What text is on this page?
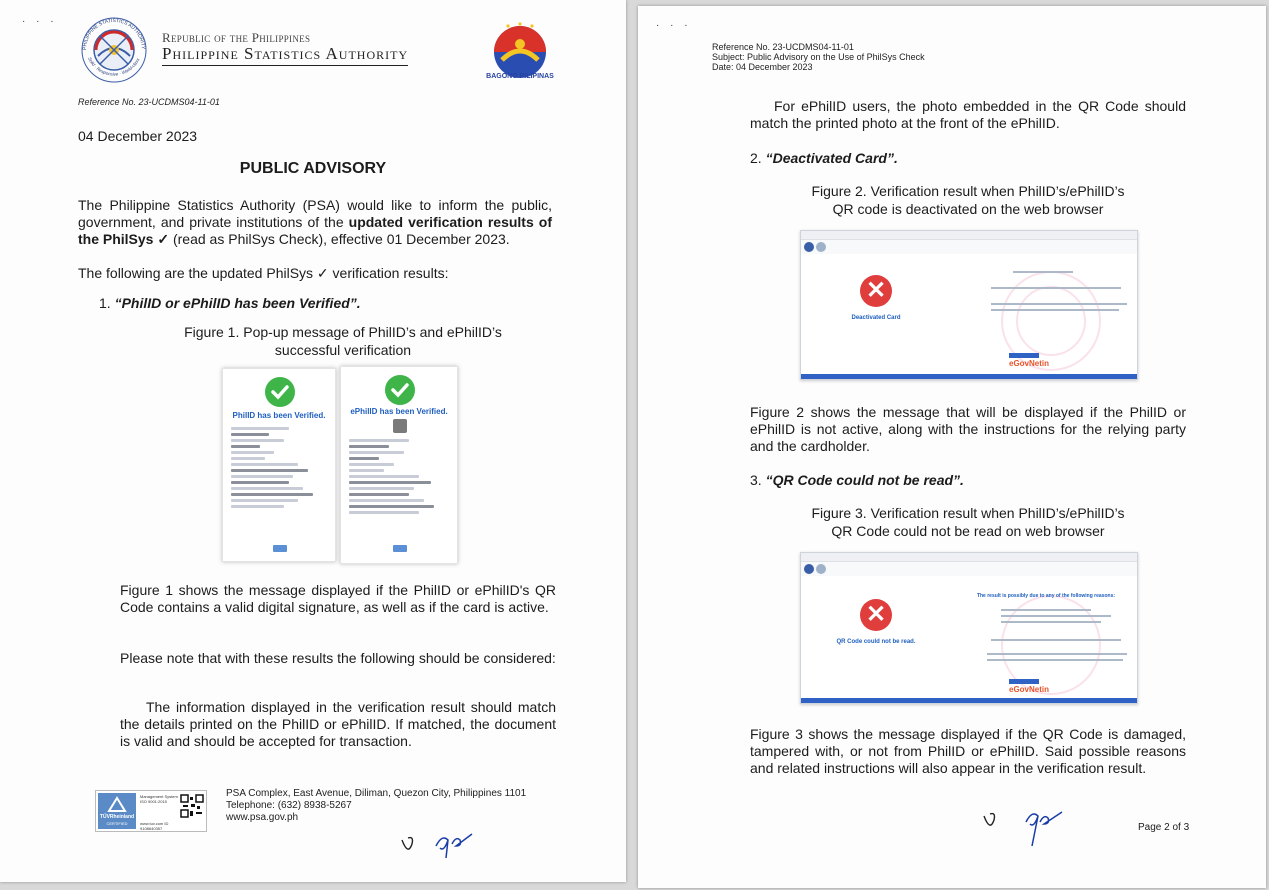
· · ·
PHILIPPINE STATISTICS AUTHORITY
Solid · Responsive · World-class
Republic of the Philippines
Philippine Statistics Authority
BAGONG PILIPINAS
Reference No. 23-UCDMS04-11-01
04 December 2023
PUBLIC ADVISORY
The Philippine Statistics Authority (PSA) would like to inform the public, government, and private institutions of the updated verification results of the PhilSys ✓ (read as PhilSys Check), effective 01 December 2023.
The following are the updated PhilSys ✓ verification results:
1. “PhilID or ePhilID has been Verified”.
Figure 1. Pop-up message of PhilID’s and ePhilID’s
successful verification
PhilID has been Verified.	ePhilID has been Verified.
Figure 1 shows the message displayed if the PhilID or ePhilID's QR Code contains a valid digital signature, as well as if the card is active.
Please note that with these results the following should be considered:
The information displayed in the verification result should match the details printed on the PhilID or ePhilID. If matched, the document is valid and should be accepted for transaction.
TÜVRheinland
CERTIFIED
Management System ISO 9001:2015
www.tuv.com ID 9108640357
PSA Complex, East Avenue, Diliman, Quezon City, Philippines 1101
Telephone: (632) 8938-5267
www.psa.gov.ph
· · ·
Reference No. 23-UCDMS04-11-01
Subject: Public Advisory on the Use of PhilSys Check
Date: 04 December 2023
For ePhilID users, the photo embedded in the QR Code should match the printed photo at the front of the ePhilID.
2. “Deactivated Card”.
Figure 2. Verification result when PhilID’s/ePhilID’s
QR code is deactivated on the web browser
✕
Deactivated Card
eGovNetin
Figure 2 shows the message that will be displayed if the PhilID or ePhilID is not active, along with the instructions for the relying party and the cardholder.
3. “QR Code could not be read”.
Figure 3. Verification result when PhilID’s/ePhilID’s
QR Code could not be read on web browser
✕
QR Code could not be read.
The result is possibly due to any of the following reasons:
eGovNetin
Figure 3 shows the message displayed if the QR Code is damaged, tampered with, or not from PhilID or ePhilID. Said possible reasons and related instructions will also appear in the verification result.
Page 2 of 3
